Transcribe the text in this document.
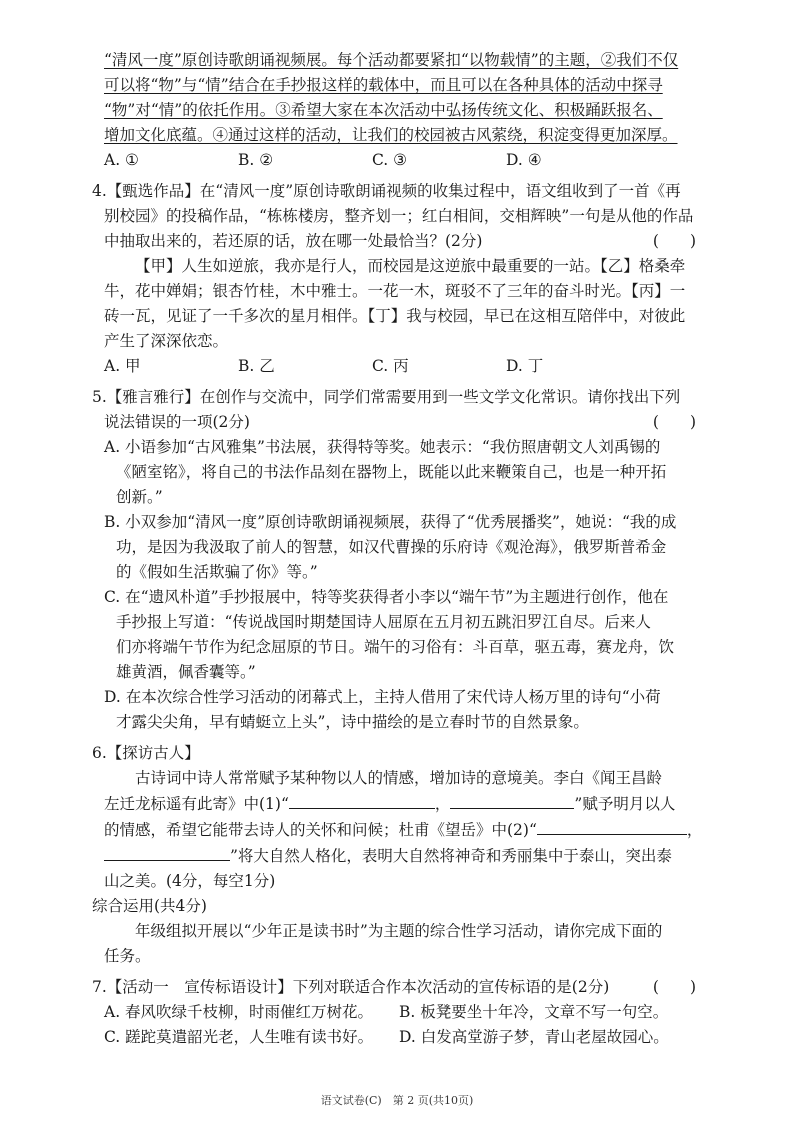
“清风一度”原创诗歌朗诵视频展。每个活动都要紧扣“以物载情”的主题，②我们不仅
可以将“物”与“情”结合在手抄报这样的载体中，而且可以在各种具体的活动中探寻
“物”对“情”的依托作用。③希望大家在本次活动中弘扬传统文化、积极踊跃报名、
增加文化底蕴。④通过这样的活动，让我们的校园被古风萦绕，积淀变得更加深厚。
A. ①	B. ②	C. ③	D. ④
4.【甄选作品】在“清风一度”原创诗歌朗诵视频的收集过程中，语文组收到了一首《再
别校园》的投稿作品，“栋栋楼房，整齐划一；红白相间，交相辉映”一句是从他的作品
中抽取出来的，若还原的话，放在哪一处最恰当？(2分)	(　　)
【甲】人生如逆旅，我亦是行人，而校园是这逆旅中最重要的一站。【乙】格桑牵
牛，花中婵娟；银杏竹桂，木中雅士。一花一木，斑驳不了三年的奋斗时光。【丙】一
砖一瓦，见证了一千多次的星月相伴。【丁】我与校园，早已在这相互陪伴中，对彼此
产生了深深依恋。
A. 甲	B. 乙	C. 丙	D. 丁
5.【雅言雅行】在创作与交流中，同学们常需要用到一些文学文化常识。请你找出下列
说法错误的一项(2分)	(　　)
A. 小语参加“古风雅集”书法展，获得特等奖。她表示：“我仿照唐朝文人刘禹锡的
《陋室铭》，将自己的书法作品刻在器物上，既能以此来鞭策自己，也是一种开拓
创新。”
B. 小双参加“清风一度”原创诗歌朗诵视频展，获得了“优秀展播奖”，她说：“我的成
功，是因为我汲取了前人的智慧，如汉代曹操的乐府诗《观沧海》，俄罗斯普希金
的《假如生活欺骗了你》等。”
C. 在“遗风朴道”手抄报展中，特等奖获得者小李以“端午节”为主题进行创作，他在
手抄报上写道：“传说战国时期楚国诗人屈原在五月初五跳汨罗江自尽。后来人
们亦将端午节作为纪念屈原的节日。端午的习俗有：斗百草，驱五毒，赛龙舟，饮
雄黄酒，佩香囊等。”
D. 在本次综合性学习活动的闭幕式上，主持人借用了宋代诗人杨万里的诗句“小荷
才露尖尖角，早有蜻蜓立上头”，诗中描绘的是立春时节的自然景象。
6.【探访古人】
古诗词中诗人常常赋予某种物以人的情感，增加诗的意境美。李白《闻王昌龄
左迁龙标遥有此寄》中(1)“	，	”赋予明月以人
的情感，希望它能带去诗人的关怀和问候；杜甫《望岳》中(2)“	，
”将大自然人格化，表明大自然将神奇和秀丽集中于泰山，突出泰
山之美。(4分，每空1分)
综合运用(共4分)
年级组拟开展以“少年正是读书时”为主题的综合性学习活动，请你完成下面的
任务。
7.【活动一　宣传标语设计】下列对联适合作本次活动的宣传标语的是(2分)	(　　)
A. 春风吹绿千枝柳，时雨催红万树花。	B. 板凳要坐十年冷，文章不写一句空。
C. 蹉跎莫遣韶光老，人生唯有读书好。	D. 白发高堂游子梦，青山老屋故园心。
语文试卷(C)　第 2 页(共10页)
